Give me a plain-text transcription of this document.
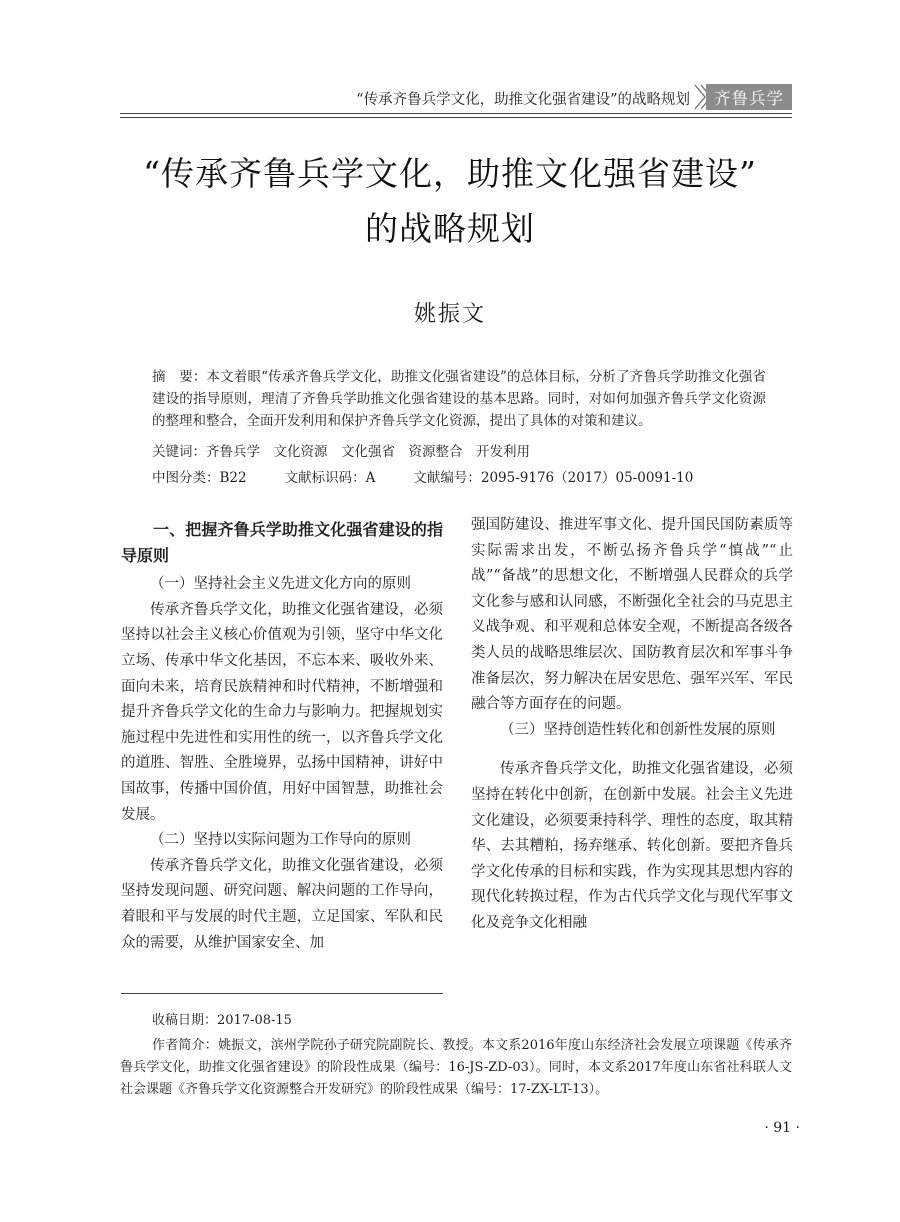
“传承齐鲁兵学文化，助推文化强省建设”的战略规划	齐鲁兵学
“传承齐鲁兵学文化，助推文化强省建设”
的战略规划
姚振文
摘　要：本文着眼“传承齐鲁兵学文化，助推文化强省建设”的总体目标，分析了齐鲁兵学助推文化强省建设的指导原则，理清了齐鲁兵学助推文化强省建设的基本思路。同时，对如何加强齐鲁兵学文化资源的整理和整合，全面开发利用和保护齐鲁兵学文化资源，提出了具体的对策和建议。
关键词：齐鲁兵学　文化资源　文化强省　资源整合　开发利用
中图分类：B22	文献标识码：A	文献编号：2095-9176（2017）05-0091-10
一、把握齐鲁兵学助推文化强省建设的指导原则
（一）坚持社会主义先进文化方向的原则

传承齐鲁兵学文化，助推文化强省建设，必须坚持以社会主义核心价值观为引领，坚守中华文化立场、传承中华文化基因，不忘本来、吸收外来、面向未来，培育民族精神和时代精神，不断增强和提升齐鲁兵学文化的生命力与影响力。把握规划实施过程中先进性和实用性的统一，以齐鲁兵学文化的道胜、智胜、全胜境界，弘扬中国精神，讲好中国故事，传播中国价值，用好中国智慧，助推社会发展。

（二）坚持以实际问题为工作导向的原则

传承齐鲁兵学文化，助推文化强省建设，必须坚持发现问题、研究问题、解决问题的工作导向，着眼和平与发展的时代主题，立足国家、军队和民众的需要，从维护国家安全、加

强国防建设、推进军事文化、提升国民国防素质等实际需求出发，不断弘扬齐鲁兵学“慎战”“止战”“备战”的思想文化，不断增强人民群众的兵学文化参与感和认同感，不断强化全社会的马克思主义战争观、和平观和总体安全观，不断提高各级各类人员的战略思维层次、国防教育层次和军事斗争准备层次，努力解决在居安思危、强军兴军、军民融合等方面存在的问题。

（三）坚持创造性转化和创新性发展的原则

传承齐鲁兵学文化，助推文化强省建设，必须坚持在转化中创新，在创新中发展。社会主义先进文化建设，必须要秉持科学、理性的态度，取其精华、去其糟粕，扬弃继承、转化创新。要把齐鲁兵学文化传承的目标和实践，作为实现其思想内容的现代化转换过程，作为古代兵学文化与现代军事文化及竞争文化相融

收稿日期：2017-08-15
作者简介：姚振文，滨州学院孙子研究院副院长、教授。本文系2016年度山东经济社会发展立项课题《传承齐鲁兵学文化，助推文化强省建设》的阶段性成果（编号：16-JS-ZD-03）。同时，本文系2017年度山东省社科联人文社会课题《齐鲁兵学文化资源整合开发研究》的阶段性成果（编号：17-ZX-LT-13）。
· 91 ·
